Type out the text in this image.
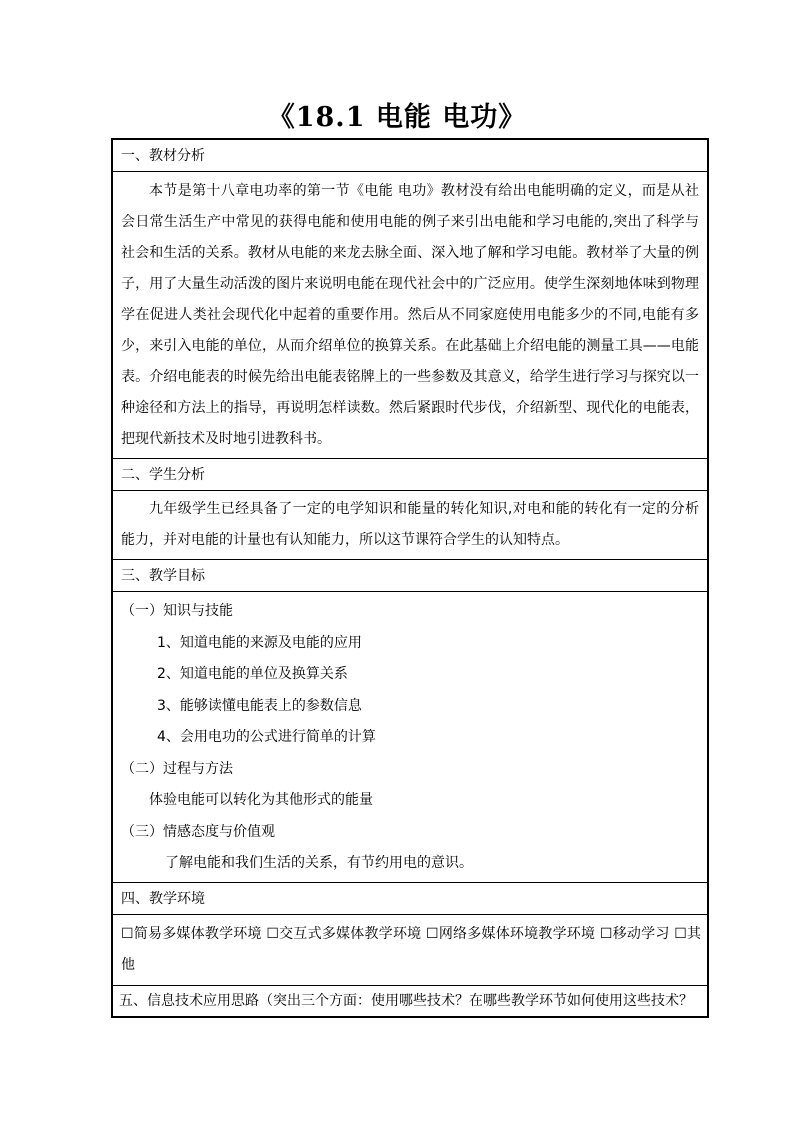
《18.1 电能 电功》
一、教材分析
本节是第十八章电功率的第一节《电能 电功》教材没有给出电能明确的定义，而是从社会日常生活生产中常见的获得电能和使用电能的例子来引出电能和学习电能的,突出了科学与社会和生活的关系。教材从电能的来龙去脉全面、深入地了解和学习电能。教材举了大量的例子，用了大量生动活泼的图片来说明电能在现代社会中的广泛应用。使学生深刻地体味到物理学在促进人类社会现代化中起着的重要作用。然后从不同家庭使用电能多少的不同,电能有多少，来引入电能的单位，从而介绍单位的换算关系。在此基础上介绍电能的测量工具——电能表。介绍电能表的时候先给出电能表铭牌上的一些参数及其意义，给学生进行学习与探究以一种途径和方法上的指导，再说明怎样读数。然后紧跟时代步伐，介绍新型、现代化的电能表，把现代新技术及时地引进教科书。
二、学生分析
九年级学生已经具备了一定的电学知识和能量的转化知识,对电和能的转化有一定的分析能力，并对电能的计量也有认知能力，所以这节课符合学生的认知特点。
三、教学目标
（一）知识与技能
1、知道电能的来源及电能的应用
2、知道电能的单位及换算关系
3、能够读懂电能表上的参数信息
4、会用电功的公式进行简单的计算
（二）过程与方法
体验电能可以转化为其他形式的能量
（三）情感态度与价值观
了解电能和我们生活的关系，有节约用电的意识。
四、教学环境
☐简易多媒体教学环境 ☐交互式多媒体教学环境 ☐网络多媒体环境教学环境 ☐移动学习 ☐其他
五、信息技术应用思路（突出三个方面：使用哪些技术？在哪些教学环节如何使用这些技术？
